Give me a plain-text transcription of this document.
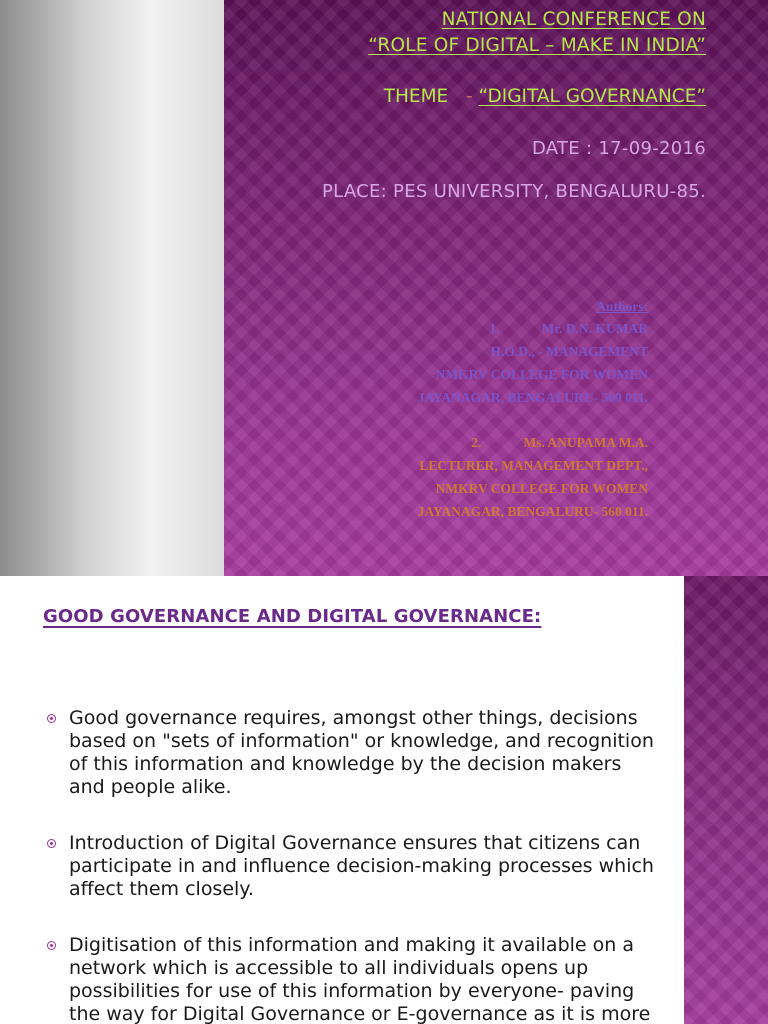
NATIONAL CONFERENCE ON
“ROLE OF DIGITAL – MAKE IN INDIA”
THEME - “DIGITAL GOVERNANCE”
DATE : 17-09-2016
PLACE: PES UNIVERSITY, BENGALURU-85.
Authors:
1.	Mr. D.N. KUMAR
H.O.D., - MANAGEMENT
NMKRV COLLEGE FOR WOMEN
JAYANAGAR, BENGALURU- 560 011.
2.	Ms. ANUPAMA M.A.
LECTURER, MANAGEMENT DEPT.,
NMKRV COLLEGE FOR WOMEN
JAYANAGAR, BENGALURU- 560 011.
GOOD GOVERNANCE AND DIGITAL GOVERNANCE:
Good governance requires, amongst other things, decisions
based on "sets of information" or knowledge, and recognition
of this information and knowledge by the decision makers
and people alike.
Introduction of Digital Governance ensures that citizens can
participate in and influence decision-making processes which
affect them closely.
Digitisation of this information and making it available on a
network which is accessible to all individuals opens up
possibilities for use of this information by everyone- paving
the way for Digital Governance or E-governance as it is more
